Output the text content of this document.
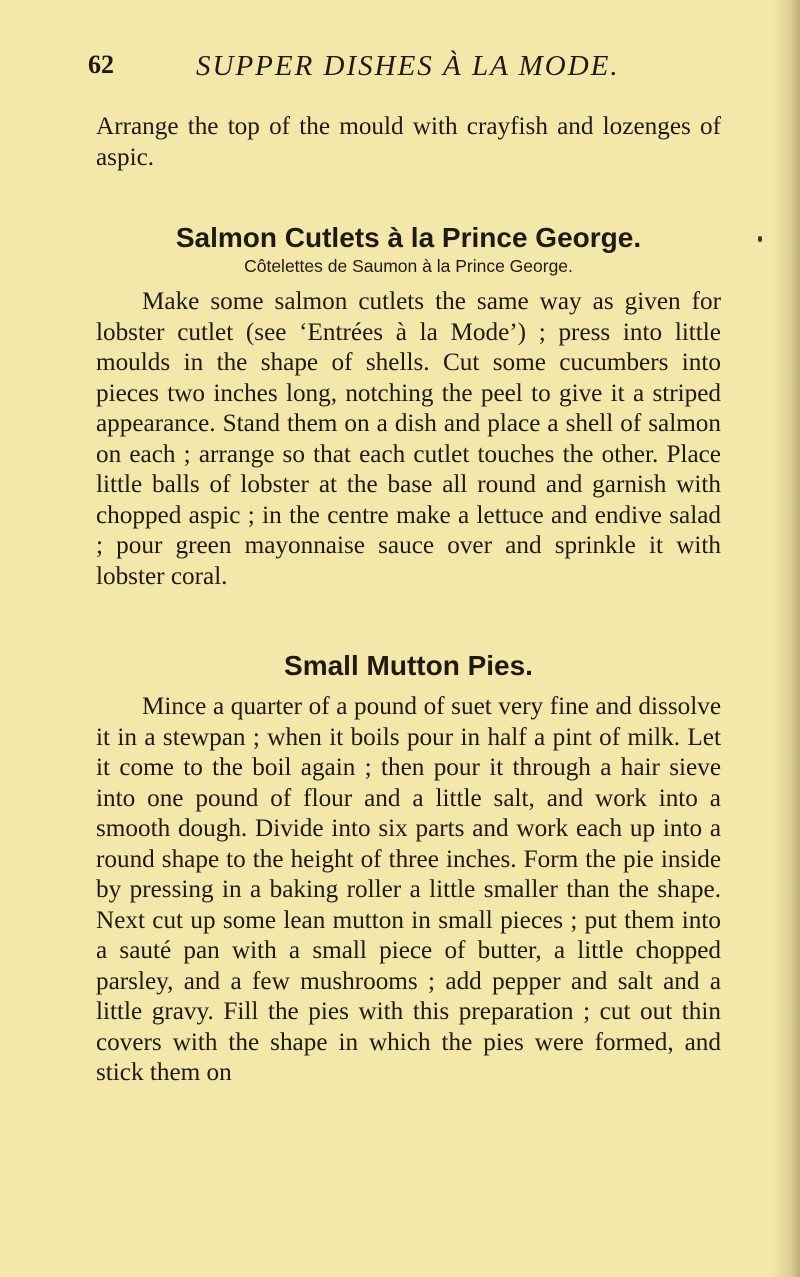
62	SUPPER DISHES À LA MODE.

Arrange the top of the mould with crayfish and lozenges of aspic.

Salmon Cutlets à la Prince George.
Côtelettes de Saumon à la Prince George.

Make some salmon cutlets the same way as given for lobster cutlet (see ‘Entrées à la Mode’) ; press into little moulds in the shape of shells. Cut some cucumbers into pieces two inches long, notching the peel to give it a striped appearance. Stand them on a dish and place a shell of salmon on each ; arrange so that each cutlet touches the other. Place little balls of lobster at the base all round and garnish with chopped aspic ; in the centre make a lettuce and endive salad ; pour green mayonnaise sauce over and sprinkle it with lobster coral.

Small Mutton Pies.

Mince a quarter of a pound of suet very fine and dissolve it in a stewpan ; when it boils pour in half a pint of milk. Let it come to the boil again ; then pour it through a hair sieve into one pound of flour and a little salt, and work into a smooth dough. Divide into six parts and work each up into a round shape to the height of three inches. Form the pie inside by pressing in a baking roller a little smaller than the shape. Next cut up some lean mutton in small pieces ; put them into a sauté pan with a small piece of butter, a little chopped parsley, and a few mushrooms ; add pepper and salt and a little gravy. Fill the pies with this preparation ; cut out thin covers with the shape in which the pies were formed, and stick them on
